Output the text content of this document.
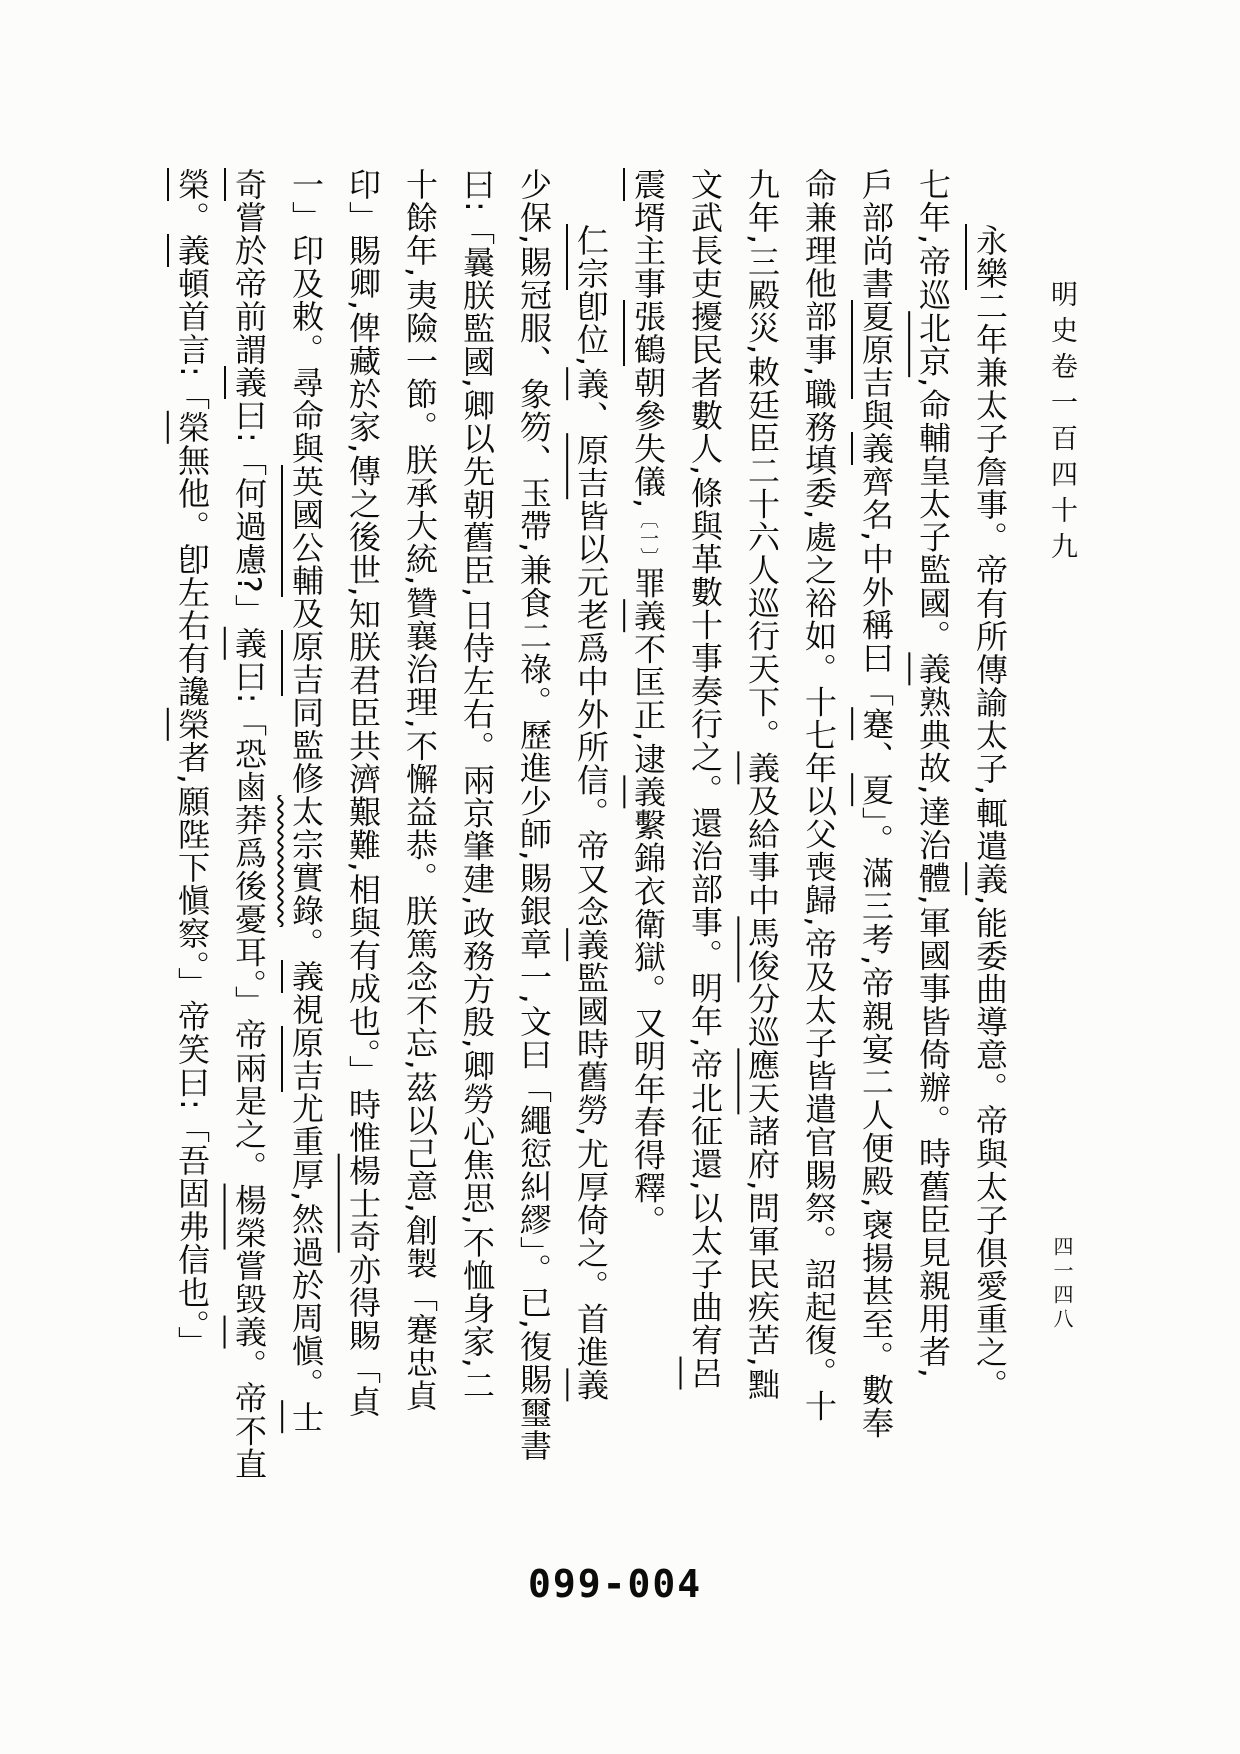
明史卷一百四十九
四一四八
永樂二年兼太子詹事。帝有所傳諭太子,輒遣義,能委曲導意。帝與太子俱愛重之。
七年,帝巡北京,命輔皇太子監國。義熟典故,達治體,軍國事皆倚辦。時舊臣見親用者,
戶部尚書夏原吉與義齊名,中外稱曰「蹇、夏」。滿三考,帝親宴二人便殿,襃揚甚至。數奉
命兼理他部事,職務填委,處之裕如。十七年以父喪歸,帝及太子皆遣官賜祭。詔起復。十
九年,三殿災,敕廷臣二十六人巡行天下。義及給事中馬俊分巡應天諸府,問軍民疾苦,黜
文武長吏擾民者數人,條與革數十事奏行之。還治部事。明年,帝北征還,以太子曲宥呂
震壻主事張鶴朝參失儀,〔一〕罪義不匡正,逮義繫錦衣衛獄。又明年春得釋。
仁宗卽位,義、原吉皆以元老爲中外所信。帝又念義監國時舊勞,尤厚倚之。首進義
少保,賜冠服、象笏、玉帶,兼食二祿。歷進少師,賜銀章一,文曰「繩愆糾繆」。已,復賜璽書
曰:「曩朕監國,卿以先朝舊臣,日侍左右。兩京肇建,政務方殷,卿勞心焦思,不恤身家,二
十餘年,夷險一節。朕承大統,贊襄治理,不懈益恭。朕篤念不忘,茲以己意,創製「蹇忠貞
印」賜卿,俾藏於家,傳之後世,知朕君臣共濟艱難,相與有成也。」時惟楊士奇亦得賜「貞
一」印及敕。尋命與英國公輔及原吉同監修太宗實錄。義視原吉尤重厚,然過於周愼。士
奇嘗於帝前謂義曰:「何過慮?」義曰:「恐鹵莽爲後憂耳。」帝兩是之。楊榮嘗毀義。帝不直
榮。義頓首言:「榮無他。卽左右有讒榮者,願陛下愼察。」帝笑曰:「吾固弗信也。」
099-004
